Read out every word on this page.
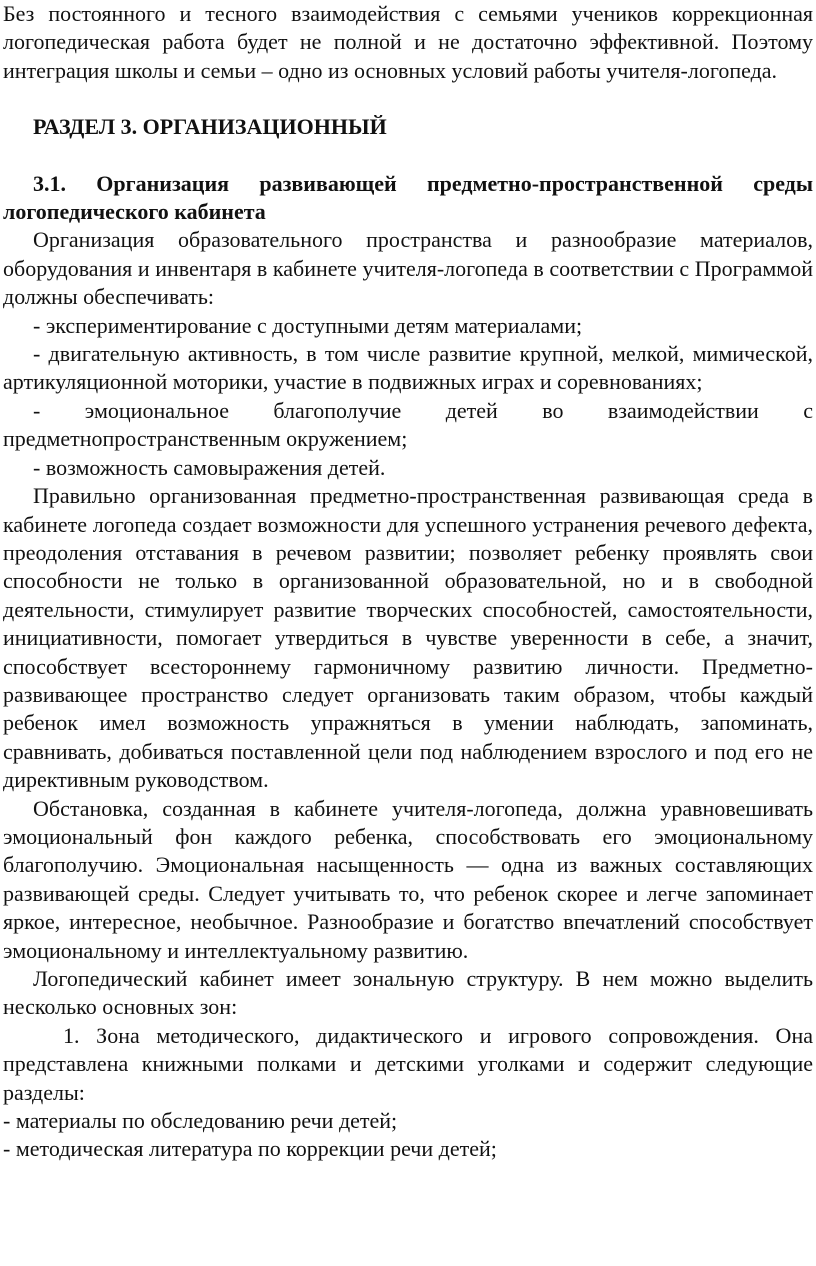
Без постоянного и тесного взаимодействия с семьями учеников коррекционная логопедическая работа будет не полной и не достаточно эффективной. Поэтому интеграция школы и семьи – одно из основных условий работы учителя-логопеда.

РАЗДЕЛ 3. ОРГАНИЗАЦИОННЫЙ

3.1. Организация развивающей предметно-пространственной среды логопедического кабинета

Организация образовательного пространства и разнообразие материалов, оборудования и инвентаря в кабинете учителя-логопеда в соответствии с Программой должны обеспечивать:

- экспериментирование с доступными детям материалами;

- двигательную активность, в том числе развитие крупной, мелкой, мимической, артикуляционной моторики, участие в подвижных играх и соревнованиях;

- эмоциональное благополучие детей во взаимодействии с предметнопространственным окружением;

- возможность самовыражения детей.

Правильно организованная предметно-пространственная развивающая среда в кабинете логопеда создает возможности для успешного устранения речевого дефекта, преодоления отставания в речевом развитии; позволяет ребенку проявлять свои способности не только в организованной образовательной, но и в свободной деятельности, стимулирует развитие творческих способностей, самостоятельности, инициативности, помогает утвердиться в чувстве уверенности в себе, а значит, способствует всестороннему гармоничному развитию личности. Предметно-развивающее пространство следует организовать таким образом, чтобы каждый ребенок имел возможность упражняться в умении наблюдать, запоминать, сравнивать, добиваться поставленной цели под наблюдением взрослого и под его не директивным руководством.

Обстановка, созданная в кабинете учителя-логопеда, должна уравновешивать эмоциональный фон каждого ребенка, способствовать его эмоциональному благополучию. Эмоциональная насыщенность — одна из важных составляющих развивающей среды. Следует учитывать то, что ребенок скорее и легче запоминает яркое, интересное, необычное. Разнообразие и богатство впечатлений способствует эмоциональному и интеллектуальному развитию.

Логопедический кабинет имеет зональную структуру. В нем можно выделить несколько основных зон:

1. Зона методического, дидактического и игрового сопровождения. Она представлена книжными полками и детскими уголками и содержит следующие разделы:

- материалы по обследованию речи детей;

- методическая литература по коррекции речи детей;
